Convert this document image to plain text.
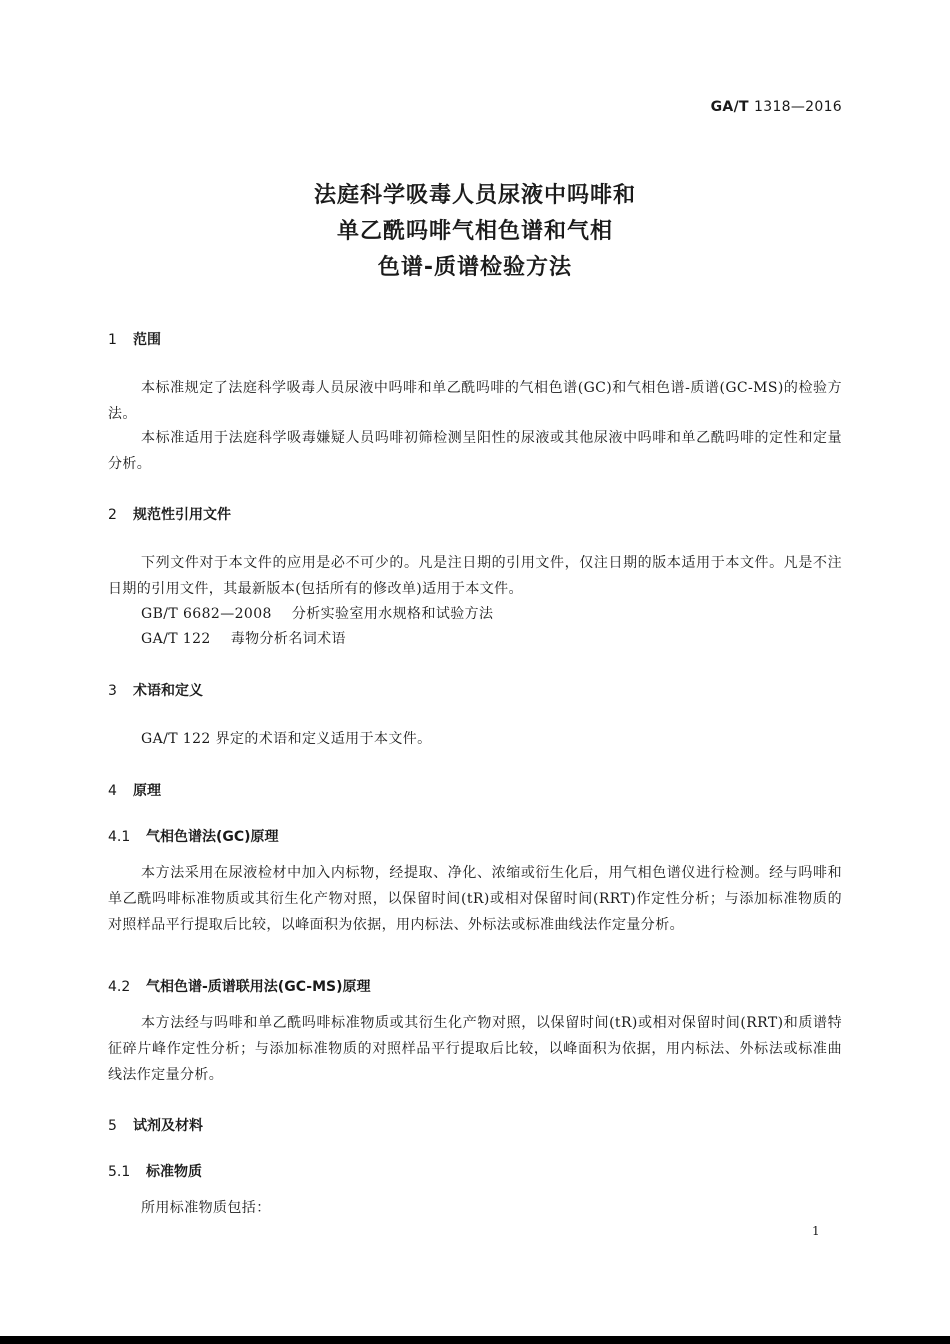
GA/T 1318—2016
法庭科学吸毒人员尿液中吗啡和
单乙酰吗啡气相色谱和气相
色谱-质谱检验方法
1 范围
本标准规定了法庭科学吸毒人员尿液中吗啡和单乙酰吗啡的气相色谱(GC)和气相色谱-质谱(GC-MS)的检验方法。
本标准适用于法庭科学吸毒嫌疑人员吗啡初筛检测呈阳性的尿液或其他尿液中吗啡和单乙酰吗啡的定性和定量分析。
2 规范性引用文件
下列文件对于本文件的应用是必不可少的。凡是注日期的引用文件，仅注日期的版本适用于本文件。凡是不注日期的引用文件，其最新版本(包括所有的修改单)适用于本文件。
GB/T 6682—2008 分析实验室用水规格和试验方法
GA/T 122 毒物分析名词术语
3 术语和定义
GA/T 122 界定的术语和定义适用于本文件。
4 原理
4.1 气相色谱法(GC)原理
本方法采用在尿液检材中加入内标物，经提取、净化、浓缩或衍生化后，用气相色谱仪进行检测。经与吗啡和单乙酰吗啡标准物质或其衍生化产物对照，以保留时间(tR)或相对保留时间(RRT)作定性分析；与添加标准物质的对照样品平行提取后比较，以峰面积为依据，用内标法、外标法或标准曲线法作定量分析。
4.2 气相色谱-质谱联用法(GC-MS)原理
本方法经与吗啡和单乙酰吗啡标准物质或其衍生化产物对照，以保留时间(tR)或相对保留时间(RRT)和质谱特征碎片峰作定性分析；与添加标准物质的对照样品平行提取后比较，以峰面积为依据，用内标法、外标法或标准曲线法作定量分析。
5 试剂及材料
5.1 标准物质
所用标准物质包括：
1
